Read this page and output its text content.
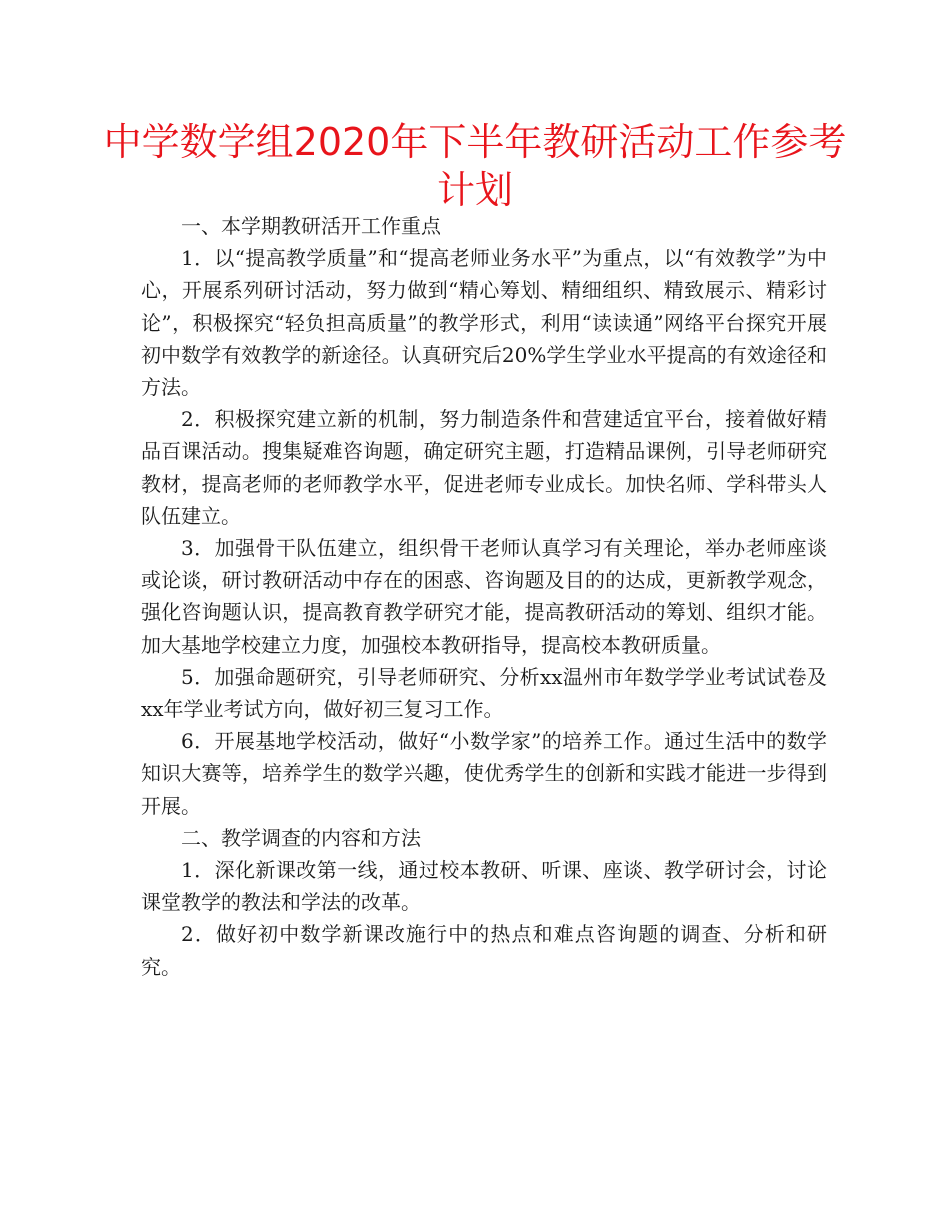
中学数学组2020年下半年教研活动工作参考计划

一、本学期教研活开工作重点

1．以“提高教学质量”和“提高老师业务水平”为重点，以“有效教学”为中心，开展系列研讨活动，努力做到“精心筹划、精细组织、精致展示、精彩讨论”，积极探究“轻负担高质量”的教学形式，利用“读读通”网络平台探究开展初中数学有效教学的新途径。认真研究后20%学生学业水平提高的有效途径和方法。

2．积极探究建立新的机制，努力制造条件和营建适宜平台，接着做好精品百课活动。搜集疑难咨询题，确定研究主题，打造精品课例，引导老师研究教材，提高老师的老师教学水平，促进老师专业成长。加快名师、学科带头人队伍建立。

3．加强骨干队伍建立，组织骨干老师认真学习有关理论，举办老师座谈或论谈，研讨教研活动中存在的困惑、咨询题及目的的达成，更新教学观念，强化咨询题认识，提高教育教学研究才能，提高教研活动的筹划、组织才能。加大基地学校建立力度，加强校本教研指导，提高校本教研质量。

5．加强命题研究，引导老师研究、分析xx温州市年数学学业考试试卷及xx年学业考试方向，做好初三复习工作。

6．开展基地学校活动，做好“小数学家”的培养工作。通过生活中的数学知识大赛等，培养学生的数学兴趣，使优秀学生的创新和实践才能进一步得到开展。

二、教学调查的内容和方法

1．深化新课改第一线，通过校本教研、听课、座谈、教学研讨会，讨论课堂教学的教法和学法的改革。

2．做好初中数学新课改施行中的热点和难点咨询题的调查、分析和研究。
